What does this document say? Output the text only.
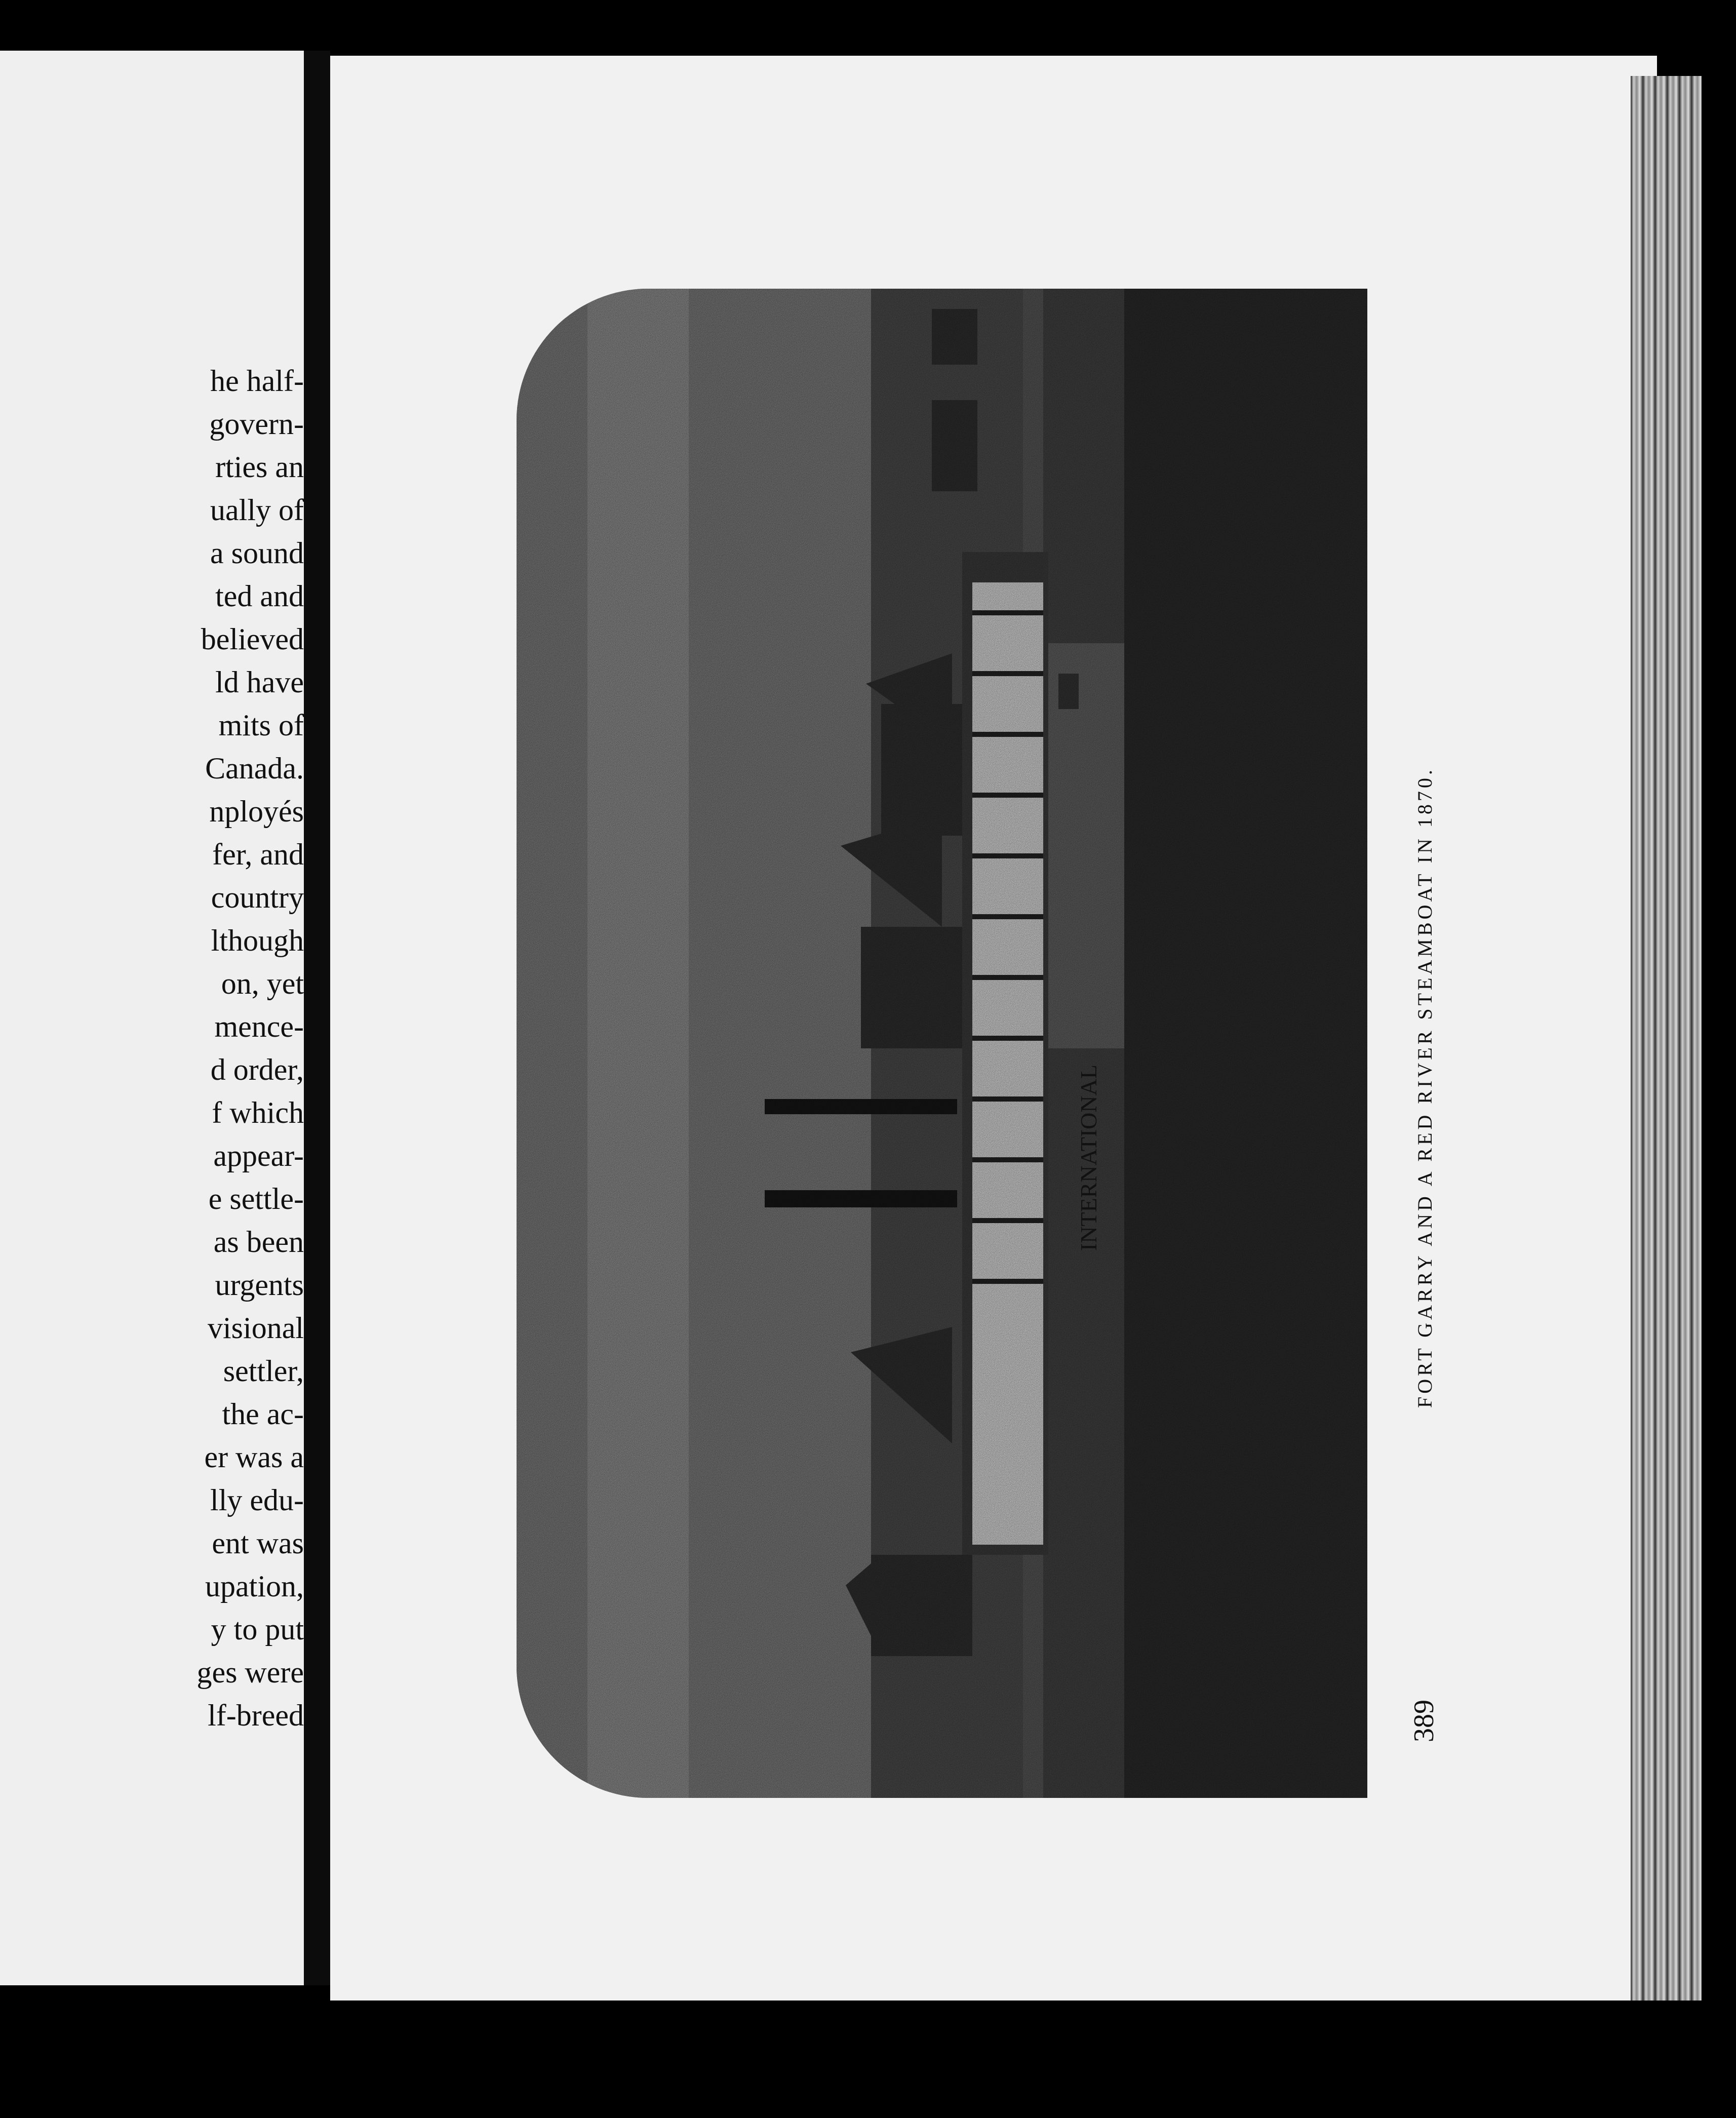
he half-
govern-
rties an
ually of
a sound
ted and
believed
ld have
mits of
Canada.
nployés
fer, and
country
lthough
on, yet
mence-
d order,
f which
appear-
e settle-
as been
urgents
visional
settler,
the ac-
er was a
lly edu-
ent was
upation,
y to put
ges were
lf-breed
INTERNATIONAL	FORT GARRY AND A RED RIVER STEAMBOAT IN 1870.
389
